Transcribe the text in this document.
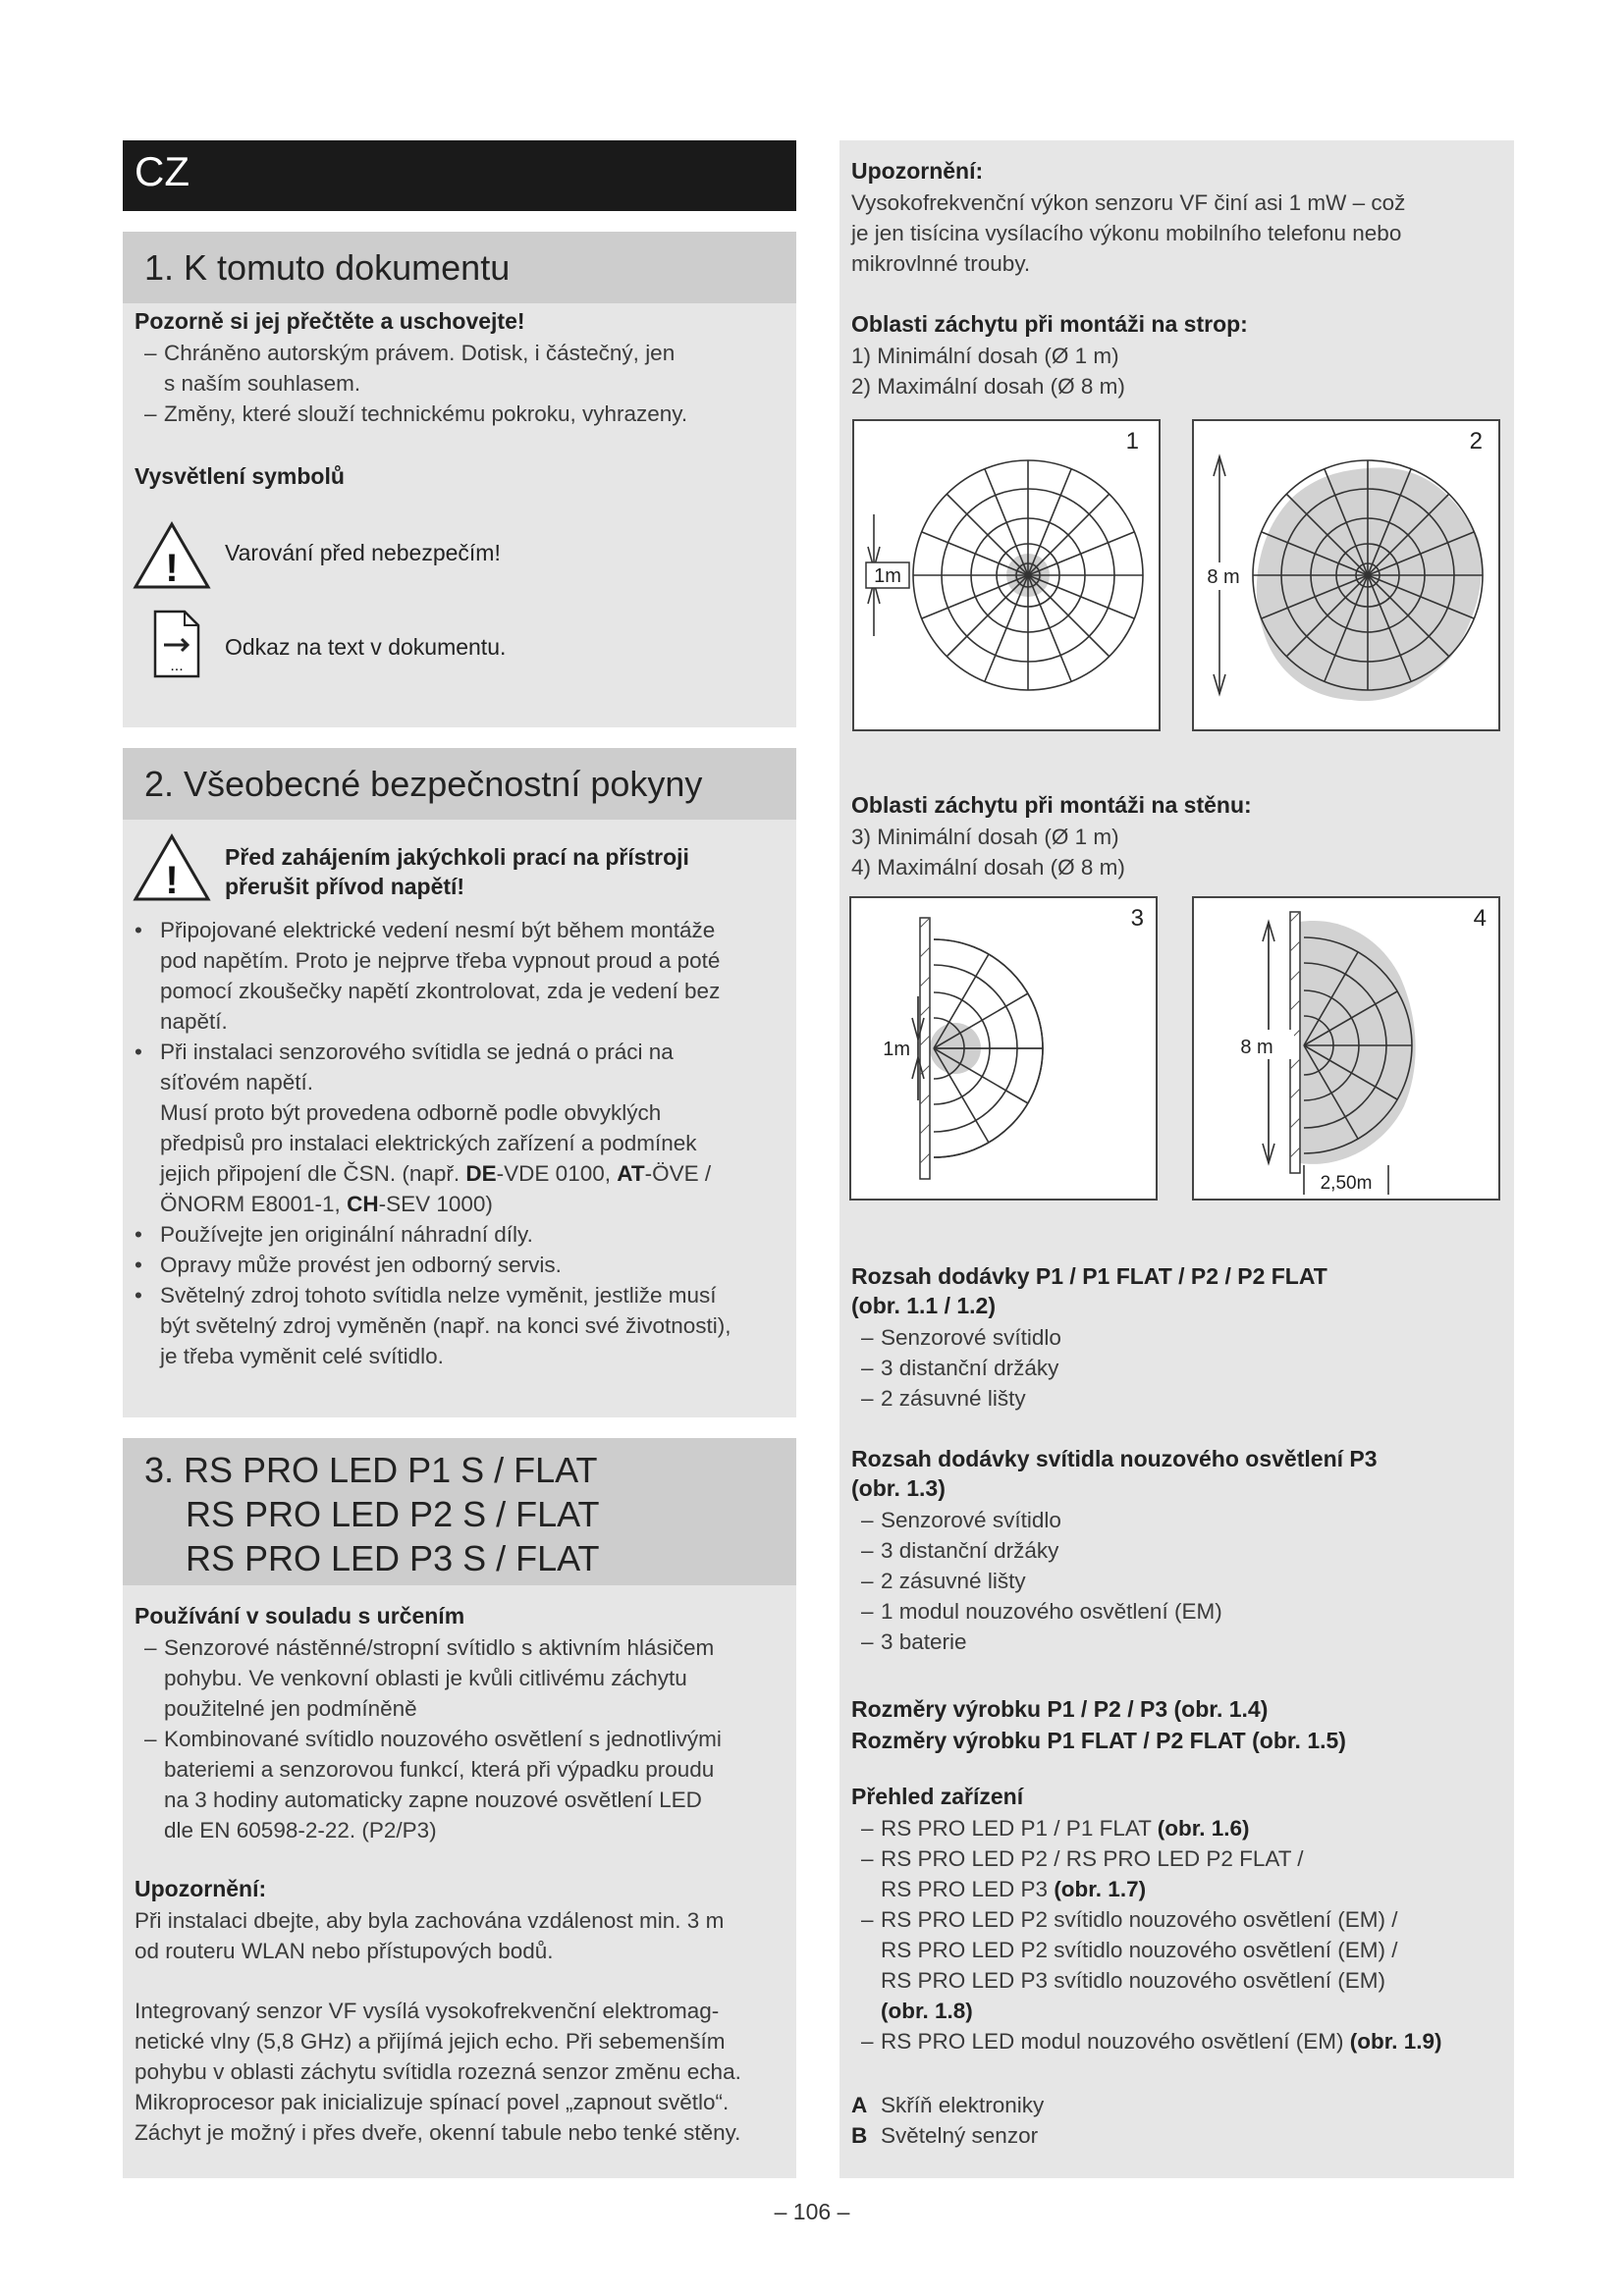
CZ
1. K tomuto dokumentu
Pozorně si jej přečtěte a uschovejte!
– Chráněno autorským právem. Dotisk, i částečný, jen
s naším souhlasem.
– Změny, které slouží technickému pokroku, vyhrazeny.
Vysvětlení symbolů
! Varování před nebezpečím!
...
Odkaz na text v dokumentu.
2. Všeobecné bezpečnostní pokyny
!
Před zahájením jakýchkoli prací na přístroji
přerušit přívod napětí!
• Připojované elektrické vedení nesmí být během montáže
pod napětím. Proto je nejprve třeba vypnout proud a poté
pomocí zkoušečky napětí zkontrolovat, zda je vedení bez
napětí.
• Při instalaci senzorového svítidla se jedná o práci na
síťovém napětí.
Musí proto být provedena odborně podle obvyklých
předpisů pro instalaci elektrických zařízení a podmínek
jejich připojení dle ČSN. (např. DE-VDE 0100, AT-ÖVE /
ÖNORM E8001-1, CH-SEV 1000)
• Používejte jen originální náhradní díly.
• Opravy může provést jen odborný servis.
• Světelný zdroj tohoto svítidla nelze vyměnit, jestliže musí
být světelný zdroj vyměněn (např. na konci své životnosti),
je třeba vyměnit celé svítidlo.
3. RS PRO LED P1 S / FLAT
RS PRO LED P2 S / FLAT
RS PRO LED P3 S / FLAT
Používání v souladu s určením
– Senzorové nástěnné/stropní svítidlo s aktivním hlásičem
pohybu. Ve venkovní oblasti je kvůli citlivému záchytu
použitelné jen podmíněně
– Kombinované svítidlo nouzového osvětlení s jednotlivými
bateriemi a senzorovou funkcí, která při výpadku proudu
na 3 hodiny automaticky zapne nouzové osvětlení LED
dle EN 60598-2-22. (P2/P3)
Upozornění:
Při instalaci dbejte, aby byla zachována vzdálenost min. 3 m
od routeru WLAN nebo přístupových bodů.
Integrovaný senzor VF vysílá vysokofrekvenční elektromag-
netické vlny (5,8 GHz) a přijímá jejich echo. Při sebemenším
pohybu v oblasti záchytu svítidla rozezná senzor změnu echa.
Mikroprocesor pak inicializuje spínací povel „zapnout světlo“.
Záchyt je možný i přes dveře, okenní tabule nebo tenké stěny.
Upozornění:
Vysokofrekvenční výkon senzoru VF činí asi 1 mW – což
je jen tisícina vysílacího výkonu mobilního telefonu nebo
mikrovlnné trouby.
Oblasti záchytu při montáži na strop:
1) Minimální dosah (Ø 1 m)
2) Maximální dosah (Ø 8 m)
1m
1
8 m
2
Oblasti záchytu při montáži na stěnu:
3) Minimální dosah (Ø 1 m)
4) Maximální dosah (Ø 8 m)
1m
3
8 m
2,50m
4
Rozsah dodávky P1 / P1 FLAT / P2 / P2 FLAT
(obr. 1.1 / 1.2)
– Senzorové svítidlo
– 3 distanční držáky
– 2 zásuvné lišty
Rozsah dodávky svítidla nouzového osvětlení P3
(obr. 1.3)
– Senzorové svítidlo
– 3 distanční držáky
– 2 zásuvné lišty
– 1 modul nouzového osvětlení (EM)
– 3 baterie
Rozměry výrobku P1 / P2 / P3 (obr. 1.4)
Rozměry výrobku P1 FLAT / P2 FLAT (obr. 1.5)
Přehled zařízení
– RS PRO LED P1 / P1 FLAT (obr. 1.6)
– RS PRO LED P2 / RS PRO LED P2 FLAT /
RS PRO LED P3 (obr. 1.7)
– RS PRO LED P2 svítidlo nouzového osvětlení (EM) /
RS PRO LED P2 svítidlo nouzového osvětlení (EM) /
RS PRO LED P3 svítidlo nouzového osvětlení (EM)
(obr. 1.8)
– RS PRO LED modul nouzového osvětlení (EM) (obr. 1.9)
A Skříň elektroniky
B Světelný senzor
– 106 –
